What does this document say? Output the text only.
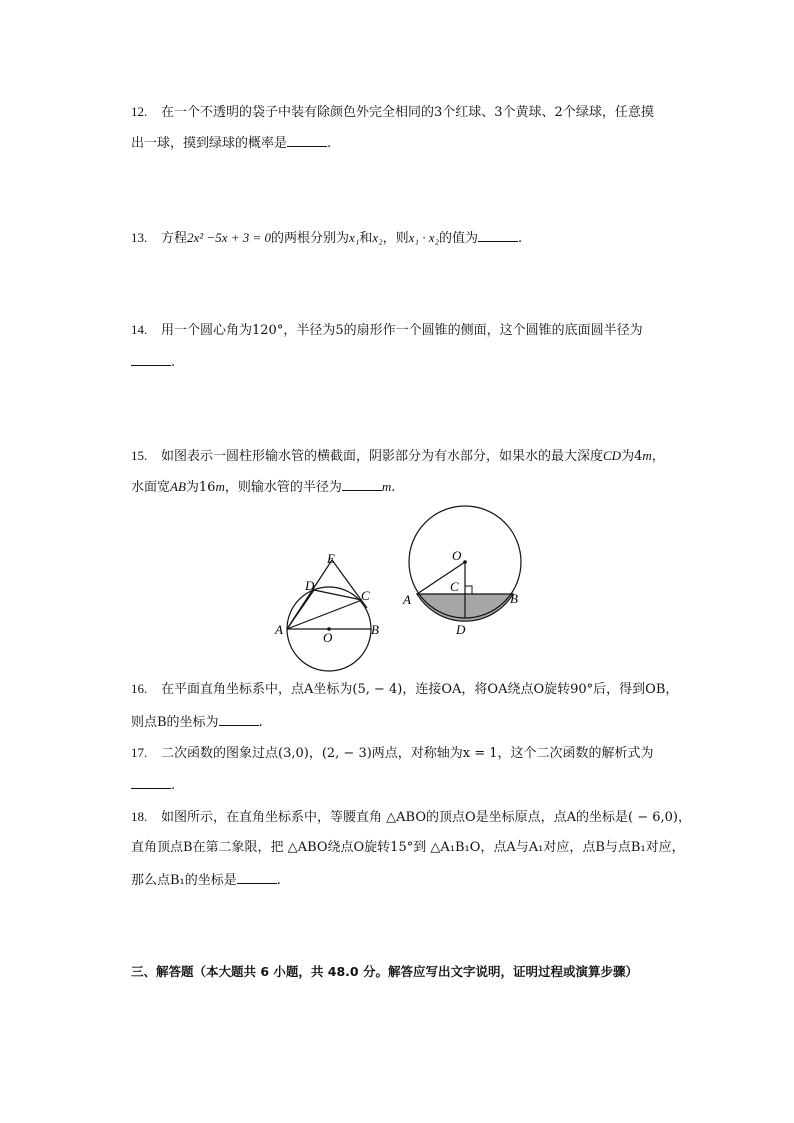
12. 在一个不透明的袋子中装有除颜色外完全相同的3个红球、3个黄球、2个绿球，任意摸
出一球，摸到绿球的概率是	.
13. 方程2x² −5x + 3 = 0的两根分别为x₁和x₂，则x₁ · x₂的值为	.
14. 用一个圆心角为120°，半径为5的扇形作一个圆锥的侧面，这个圆锥的底面圆半径为
.
15. 如图表示一圆柱形输水管的横截面，阴影部分为有水部分，如果水的最大深度CD为4m，
水面宽AB为16m，则输水管的半径为	m.
E
D
C
A
O
B
O
C
A	B
D
16. 在平面直角坐标系中，点A坐标为(5, − 4)，连接OA，将OA绕点O旋转90°后，得到OB，
则点B的坐标为	.
17. 二次函数的图象过点(3,0)，(2, − 3)两点，对称轴为x = 1，这个二次函数的解析式为
.
18. 如图所示，在直角坐标系中，等腰直角 △ABO的顶点O是坐标原点，点A的坐标是( − 6,0)，
直角顶点B在第二象限，把 △ABO绕点O旋转15°到 △A₁B₁O，点A与A₁对应，点B与点B₁对应，
那么点B₁的坐标是	.
三、解答题（本大题共 6 小题，共 48.0 分。解答应写出文字说明，证明过程或演算步骤）
